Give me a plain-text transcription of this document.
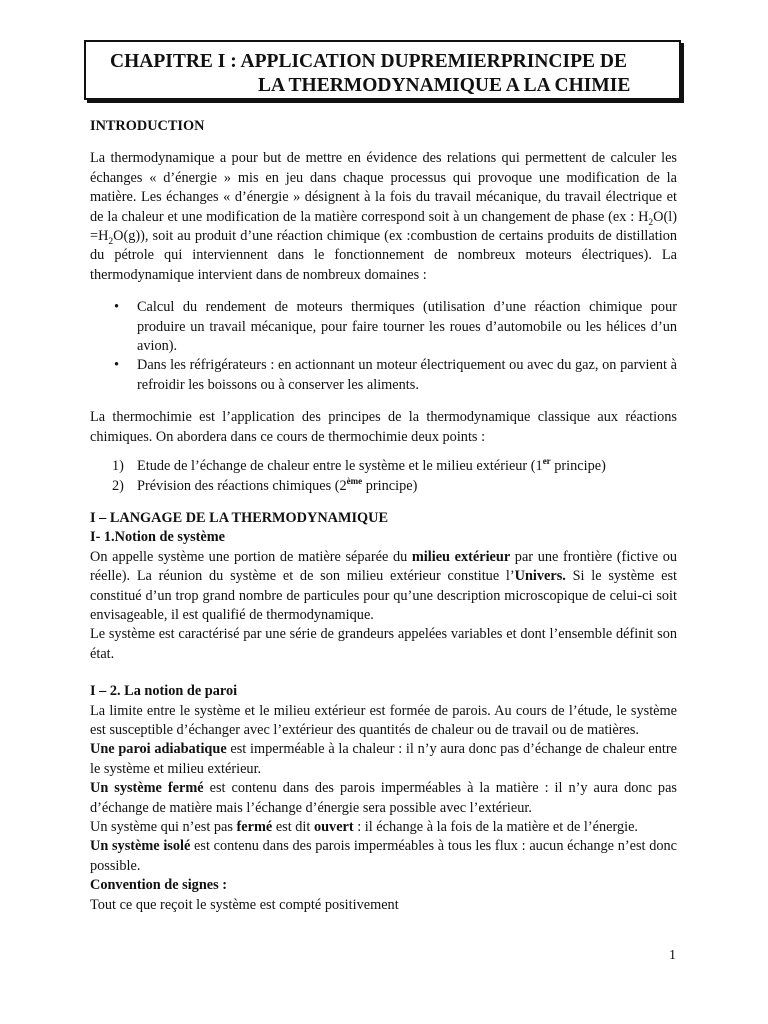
CHAPITRE I : APPLICATION DUPREMIERPRINCIPE DE
LA THERMODYNAMIQUE A LA CHIMIE

INTRODUCTION

La thermodynamique a pour but de mettre en évidence des relations qui permettent de calculer les échanges « d’énergie » mis en jeu dans chaque processus qui provoque une modification de la matière. Les échanges « d’énergie » désignent à la fois du travail mécanique, du travail électrique et de la chaleur et une modification de la matière correspond soit à un changement de phase (ex : $H_2O(l) =H_2O(g)$), soit au produit d’une réaction chimique (ex :combustion de certains produits de distillation du pétrole qui interviennent dans le fonctionnement de nombreux moteurs électriques). La thermodynamique intervient dans de nombreux domaines :

• Calcul du rendement de moteurs thermiques (utilisation d’une réaction chimique pour produire un travail mécanique, pour faire tourner les roues d’automobile ou les hélices d’un avion).
• Dans les réfrigérateurs : en actionnant un moteur électriquement ou avec du gaz, on parvient à refroidir les boissons ou à conserver les aliments.

La thermochimie est l’application des principes de la thermodynamique classique aux réactions chimiques. On abordera dans ce cours de thermochimie deux points :

1) Etude de l’échange de chaleur entre le système et le milieu extérieur (1er principe)
2) Prévision des réactions chimiques (2ème principe)

I – LANGAGE DE LA THERMODYNAMIQUE

I- 1.Notion de système

On appelle système une portion de matière séparée du milieu extérieur par une frontière (fictive ou réelle). La réunion du système et de son milieu extérieur constitue l’Univers. Si le système est constitué d’un trop grand nombre de particules pour qu’une description microscopique de celui-ci soit envisageable, il est qualifié de thermodynamique.

Le système est caractérisé par une série de grandeurs appelées variables et dont l’ensemble définit son état.

I – 2. La notion de paroi

La limite entre le système et le milieu extérieur est formée de parois. Au cours de l’étude, le système est susceptible d’échanger avec l’extérieur des quantités de chaleur ou de travail ou de matières.

Une paroi adiabatique est imperméable à la chaleur : il n’y aura donc pas d’échange de chaleur entre le système et milieu extérieur.

Un système fermé est contenu dans des parois imperméables à la matière : il n’y aura donc pas d’échange de matière mais l’échange d’énergie sera possible avec l’extérieur.

Un système qui n’est pas fermé est dit ouvert : il échange à la fois de la matière et de l’énergie.

Un système isolé est contenu dans des parois imperméables à tous les flux : aucun échange n’est donc possible.

Convention de signes :

Tout ce que reçoit le système est compté positivement

1
